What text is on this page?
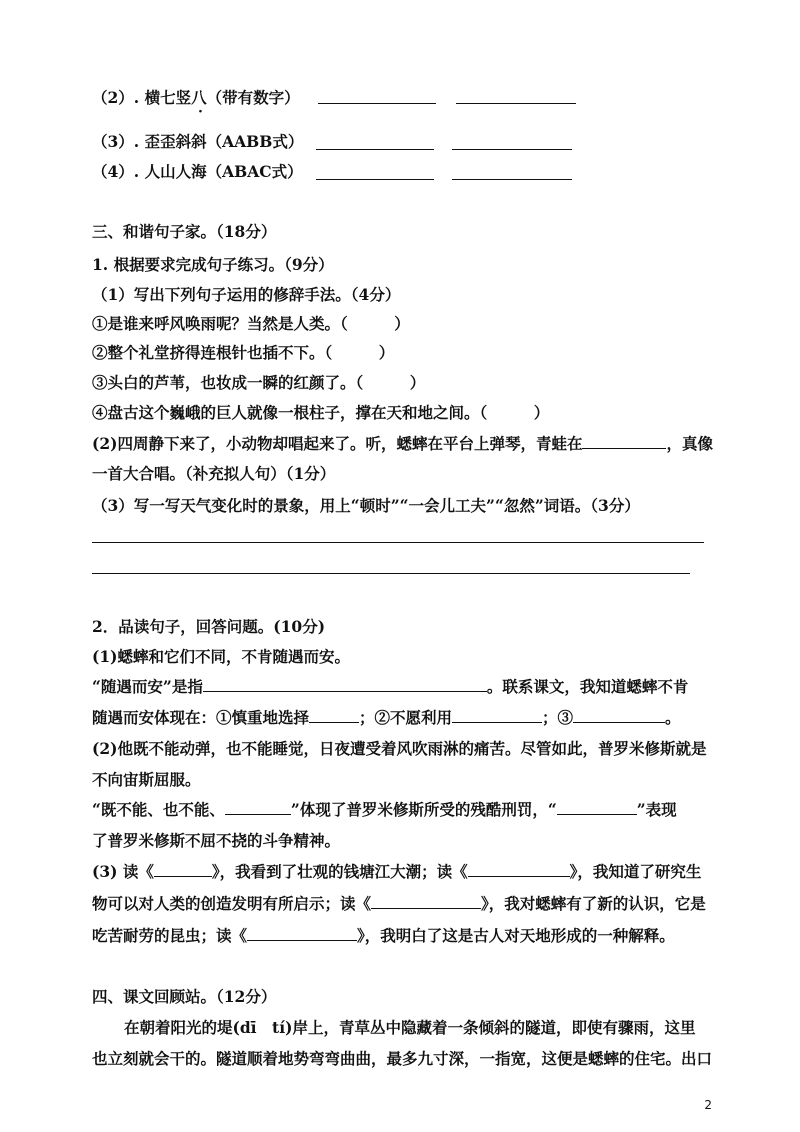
（2）. 横七竖八（带有数字）
（3）. 歪歪斜斜（AABB式）
（4）. 人山人海（ABAC式）
三、和谐句子家。（18分）
1. 根据要求完成句子练习。（9分）
（1）写出下列句子运用的修辞手法。（4分）
①是谁来呼风唤雨呢？当然是人类。（　　　）
②整个礼堂挤得连根针也插不下。（　　　）
③头白的芦苇，也妆成一瞬的红颜了。（　　　）
④盘古这个巍峨的巨人就像一根柱子，撑在天和地之间。（　　　）
(2)四周静下来了，小动物却唱起来了。听，蟋蟀在平台上弹琴，青蛙在	，真像
一首大合唱。（补充拟人句）（1分）
（3）写一写天气变化时的景象，用上“顿时”“一会儿工夫”“忽然”词语。（3分）
2．品读句子，回答问题。(10分)
(1)蟋蟀和它们不同，不肯随遇而安。
“随遇而安”是指	。联系课文，我知道蟋蟀不肯
随遇而安体现在：①慎重地选择	；②不愿利用	；③	。
(2)他既不能动弹，也不能睡觉，日夜遭受着风吹雨淋的痛苦。尽管如此，普罗米修斯就是
不向宙斯屈服。
“既不能、也不能、	”体现了普罗米修斯所受的残酷刑罚，“	”表现
了普罗米修斯不屈不挠的斗争精神。
(3) 读《	》，我看到了壮观的钱塘江大潮；读《	》，我知道了研究生
物可以对人类的创造发明有所启示；读《	》，我对蟋蟀有了新的认识，它是
吃苦耐劳的昆虫；读《	》，我明白了这是古人对天地形成的一种解释。
四、课文回顾站。（12分）
在朝着阳光的堤(dī　tí)岸上，青草丛中隐藏着一条倾斜的隧道，即使有骤雨，这里
也立刻就会干的。隧道顺着地势弯弯曲曲，最多九寸深，一指宽，这便是蟋蟀的住宅。出口
2
